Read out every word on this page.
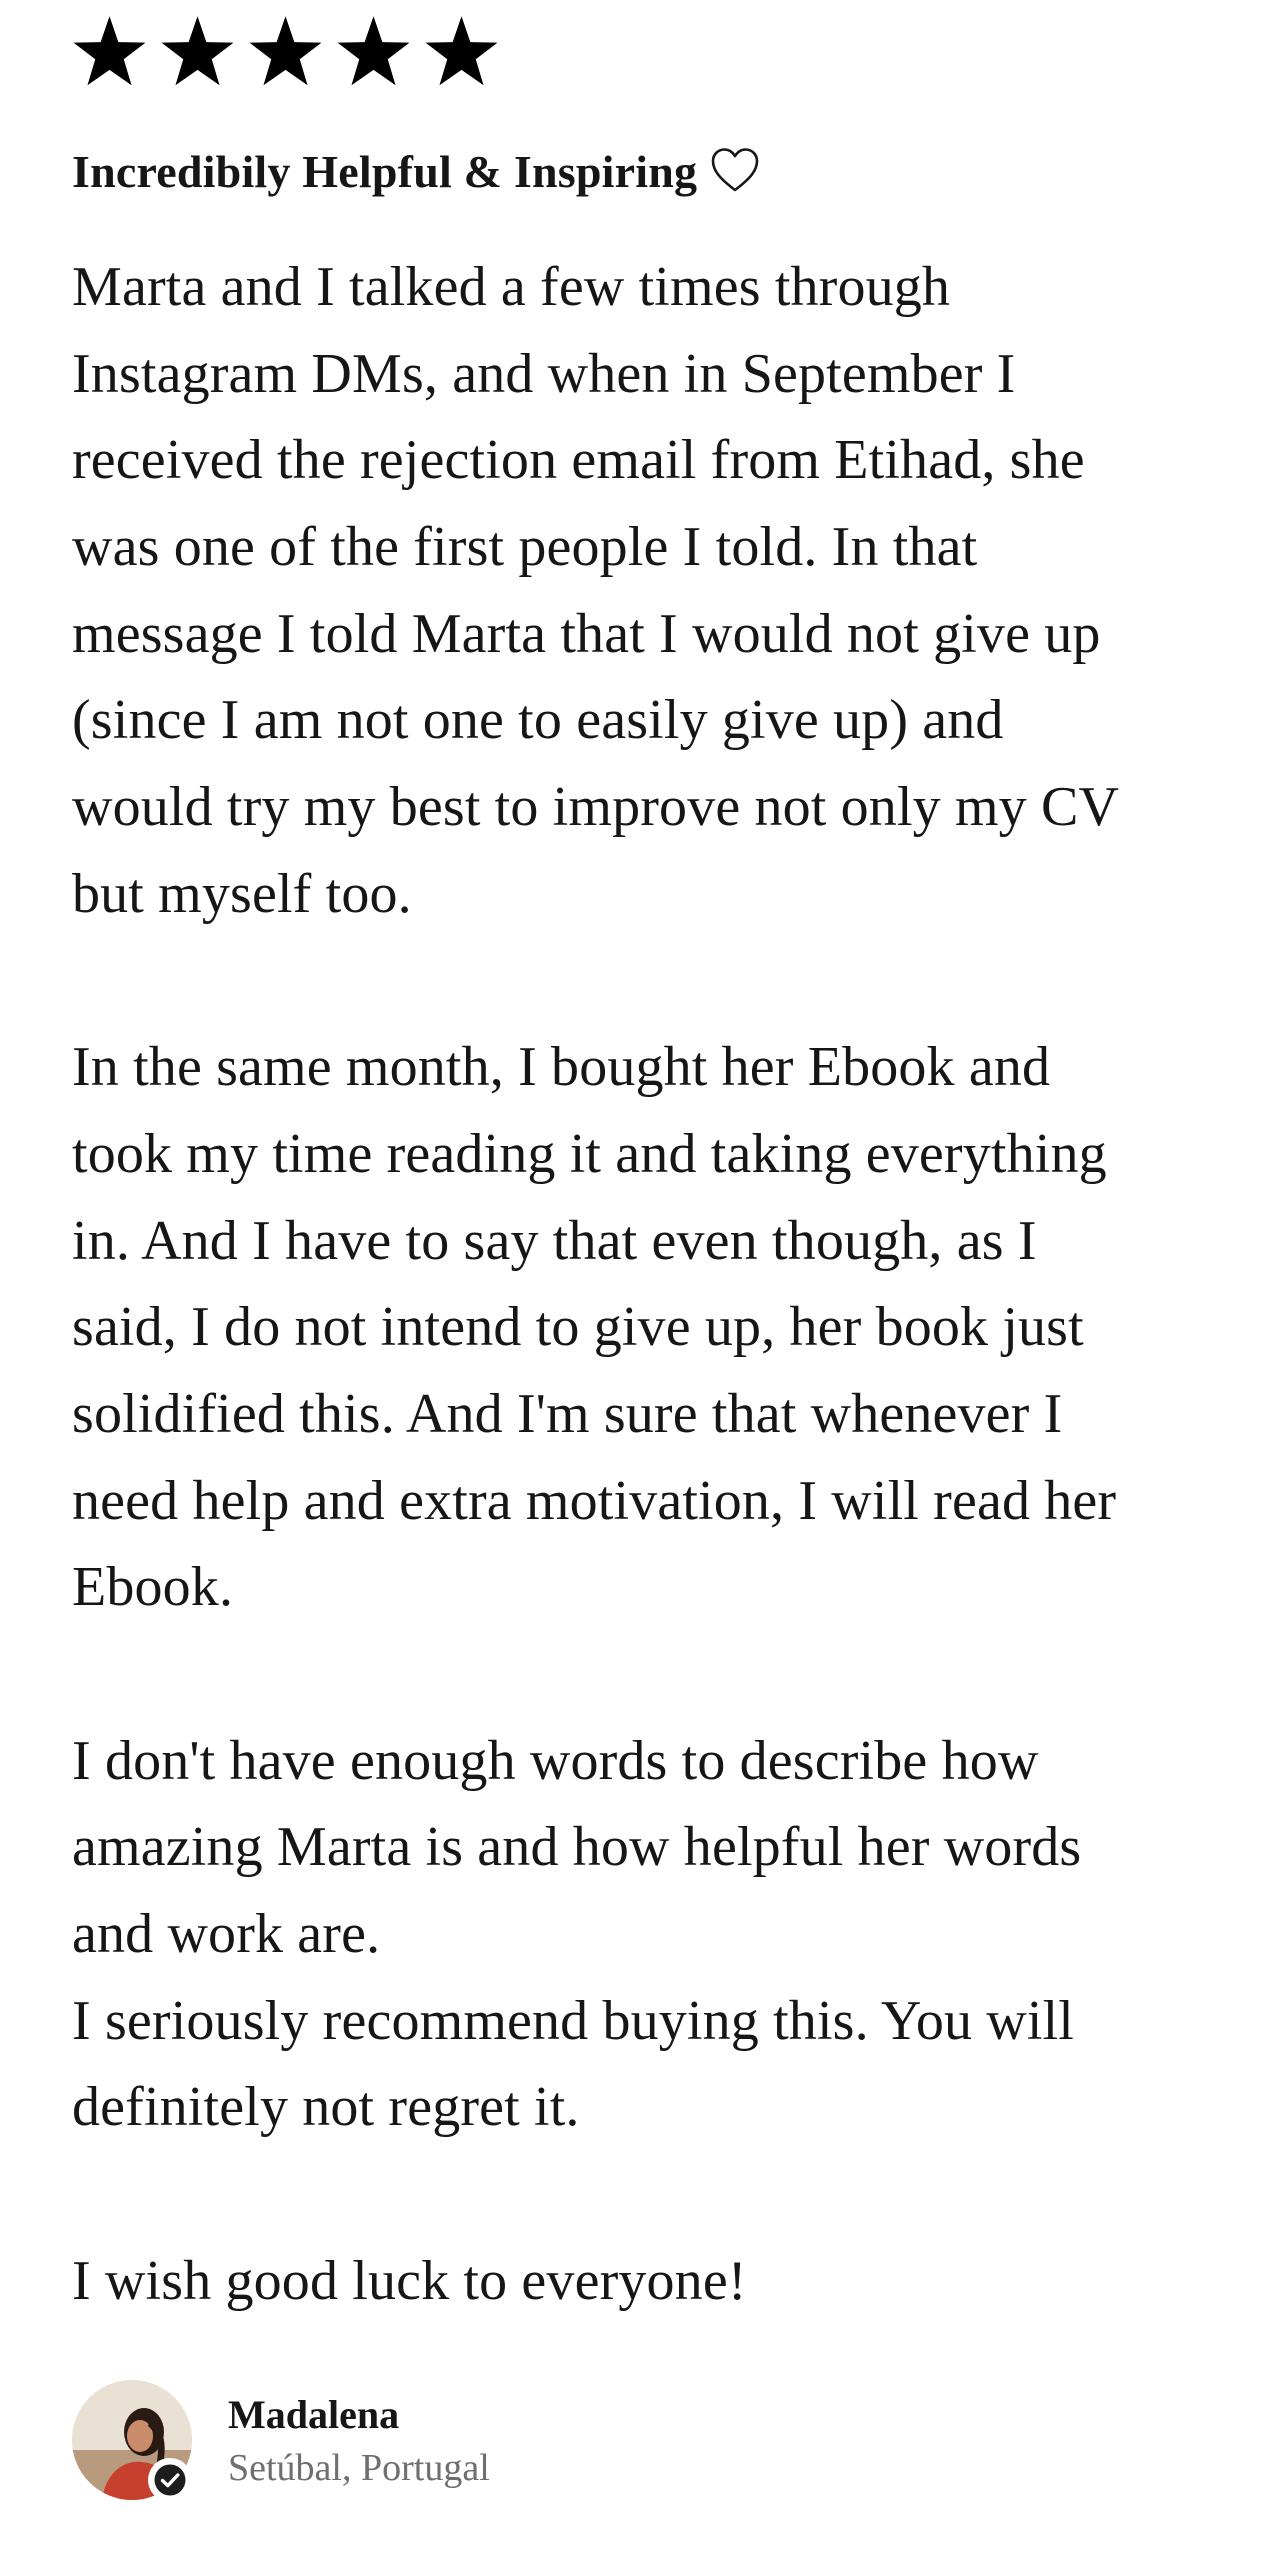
Incredibily Helpful & Inspiring
Marta and I talked a few times through
Instagram DMs, and when in September I
received the rejection email from Etihad, she
was one of the first people I told. In that
message I told Marta that I would not give up
(since I am not one to easily give up) and
would try my best to improve not only my CV
but myself too.
In the same month, I bought her Ebook and
took my time reading it and taking everything
in. And I have to say that even though, as I
said, I do not intend to give up, her book just
solidified this. And I'm sure that whenever I
need help and extra motivation, I will read her
Ebook.
I don't have enough words to describe how
amazing Marta is and how helpful her words
and work are.
I seriously recommend buying this. You will
definitely not regret it.
I wish good luck to everyone!
Madalena
Setúbal, Portugal
